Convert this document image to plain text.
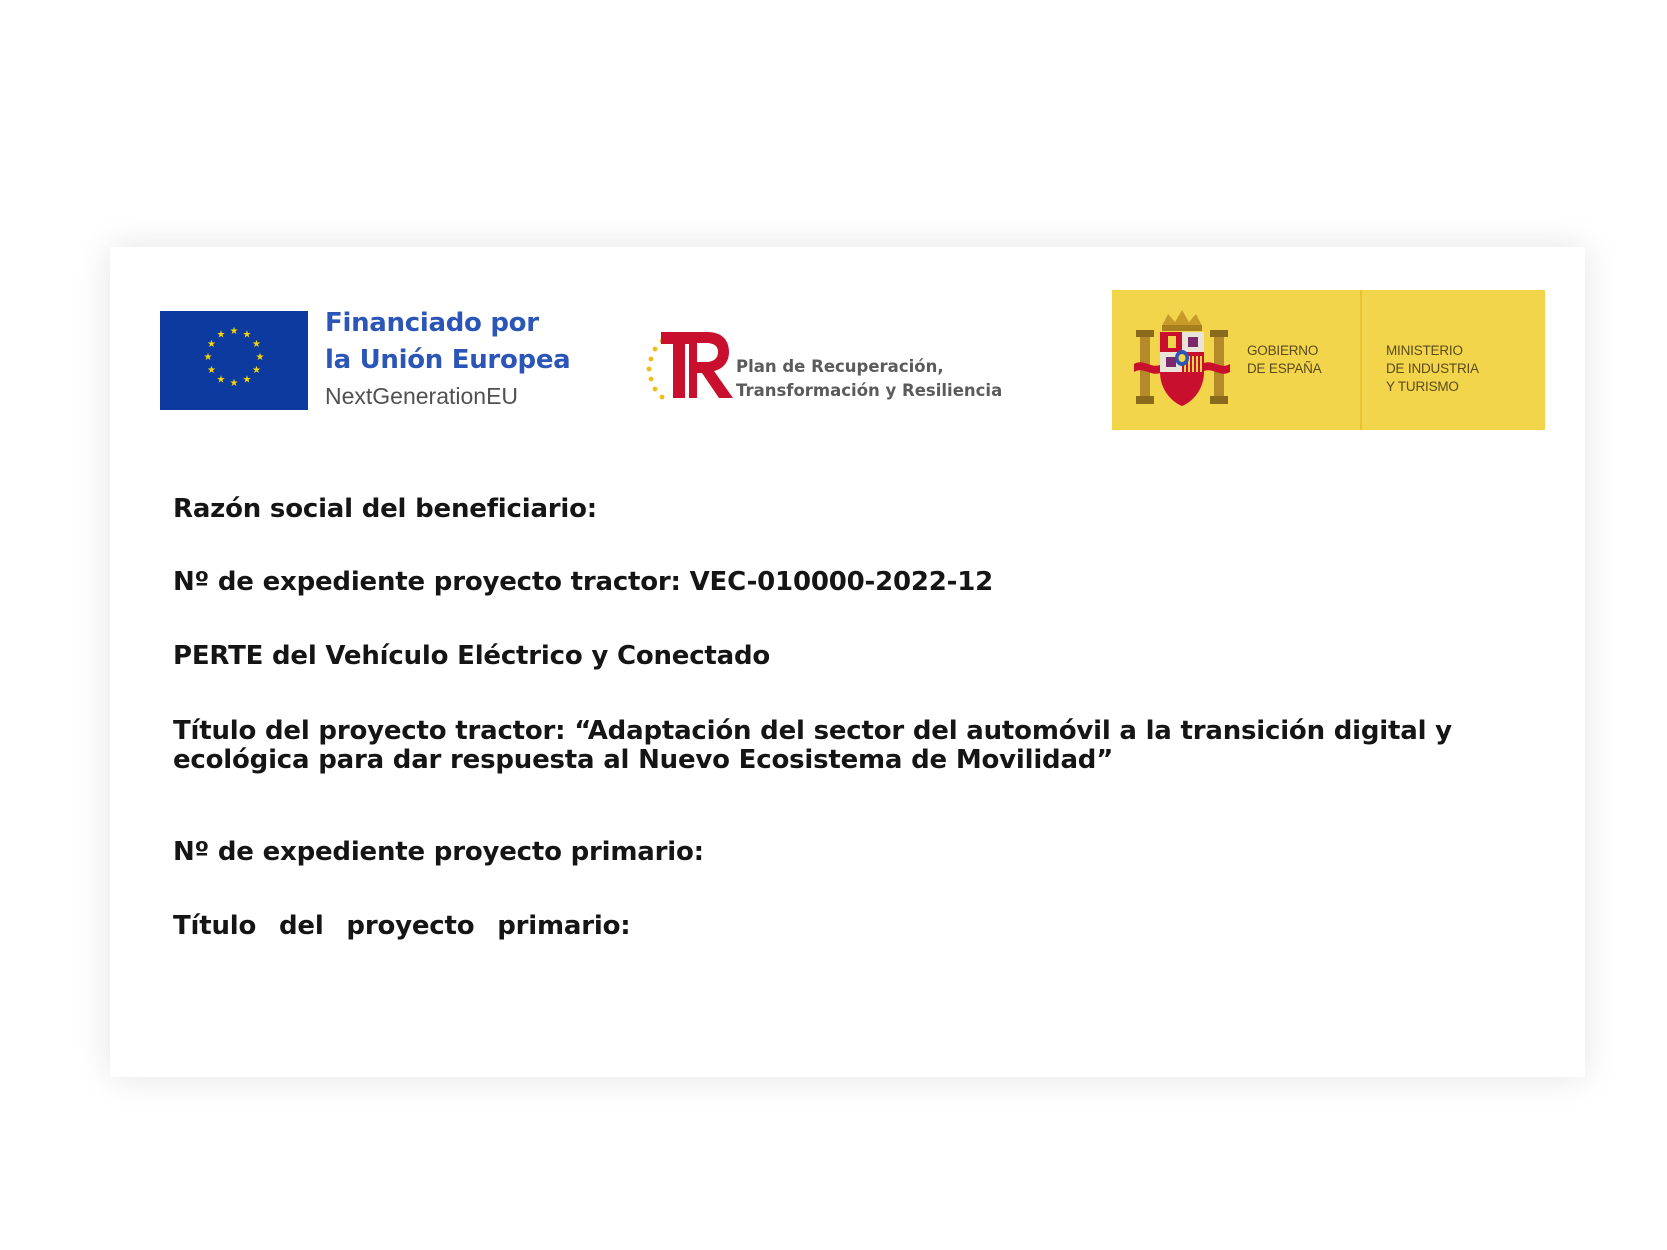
★ ★
★
★
★
★
★
★
★
★
★
★	Financiado por
la Unión Europea
NextGenerationEU
Plan de Recuperación,
Transformación y Resiliencia
GOBIERNO
DE ESPAÑA
MINISTERIO
DE INDUSTRIA
Y TURISMO

Razón social del beneficiario:

Nº de expediente proyecto tractor: VEC-010000-2022-12

PERTE del Vehículo Eléctrico y Conectado

Título del proyecto tractor: “Adaptación del sector del automóvil a la transición digital y ecológica para dar respuesta al Nuevo Ecosistema de Movilidad”

Nº de expediente proyecto primario:

Título del proyecto primario:
